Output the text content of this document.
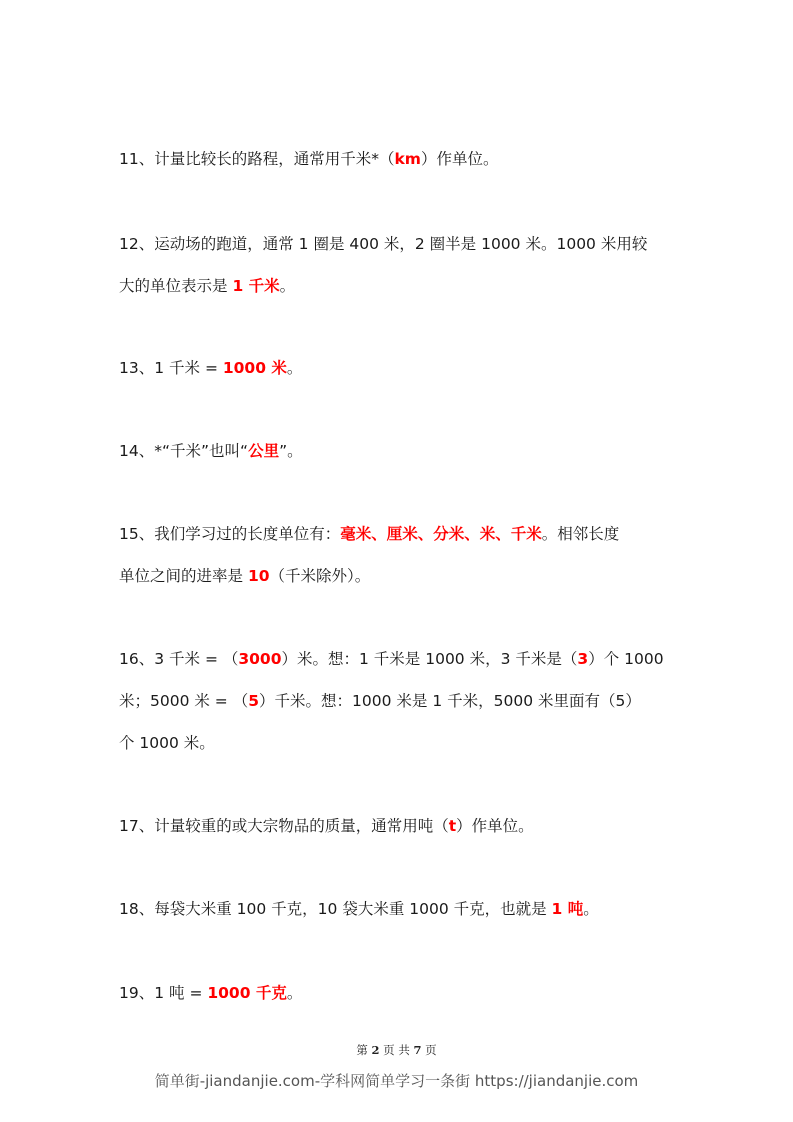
11、计量比较长的路程，通常用千米*（km）作单位。

12、运动场的跑道，通常 1 圈是 400 米，2 圈半是 1000 米。1000 米用较

大的单位表示是 1 千米。

13、1 千米 = 1000 米。

14、*“千米”也叫“公里”。

15、我们学习过的长度单位有：毫米、厘米、分米、米、千米。相邻长度

单位之间的进率是 10（千米除外）。

16、3 千米 = （3000）米。想：1 千米是 1000 米，3 千米是（3）个 1000

米；5000 米 = （5）千米。想：1000 米是 1 千米，5000 米里面有（5）

个 1000 米。

17、计量较重的或大宗物品的质量，通常用吨（t）作单位。

18、每袋大米重 100 千克，10 袋大米重 1000 千克，也就是 1 吨。

19、1 吨 = 1000 千克。

第 2 页 共 7 页
简单街-jiandanjie.com-学科网简单学习一条街 https://jiandanjie.com
